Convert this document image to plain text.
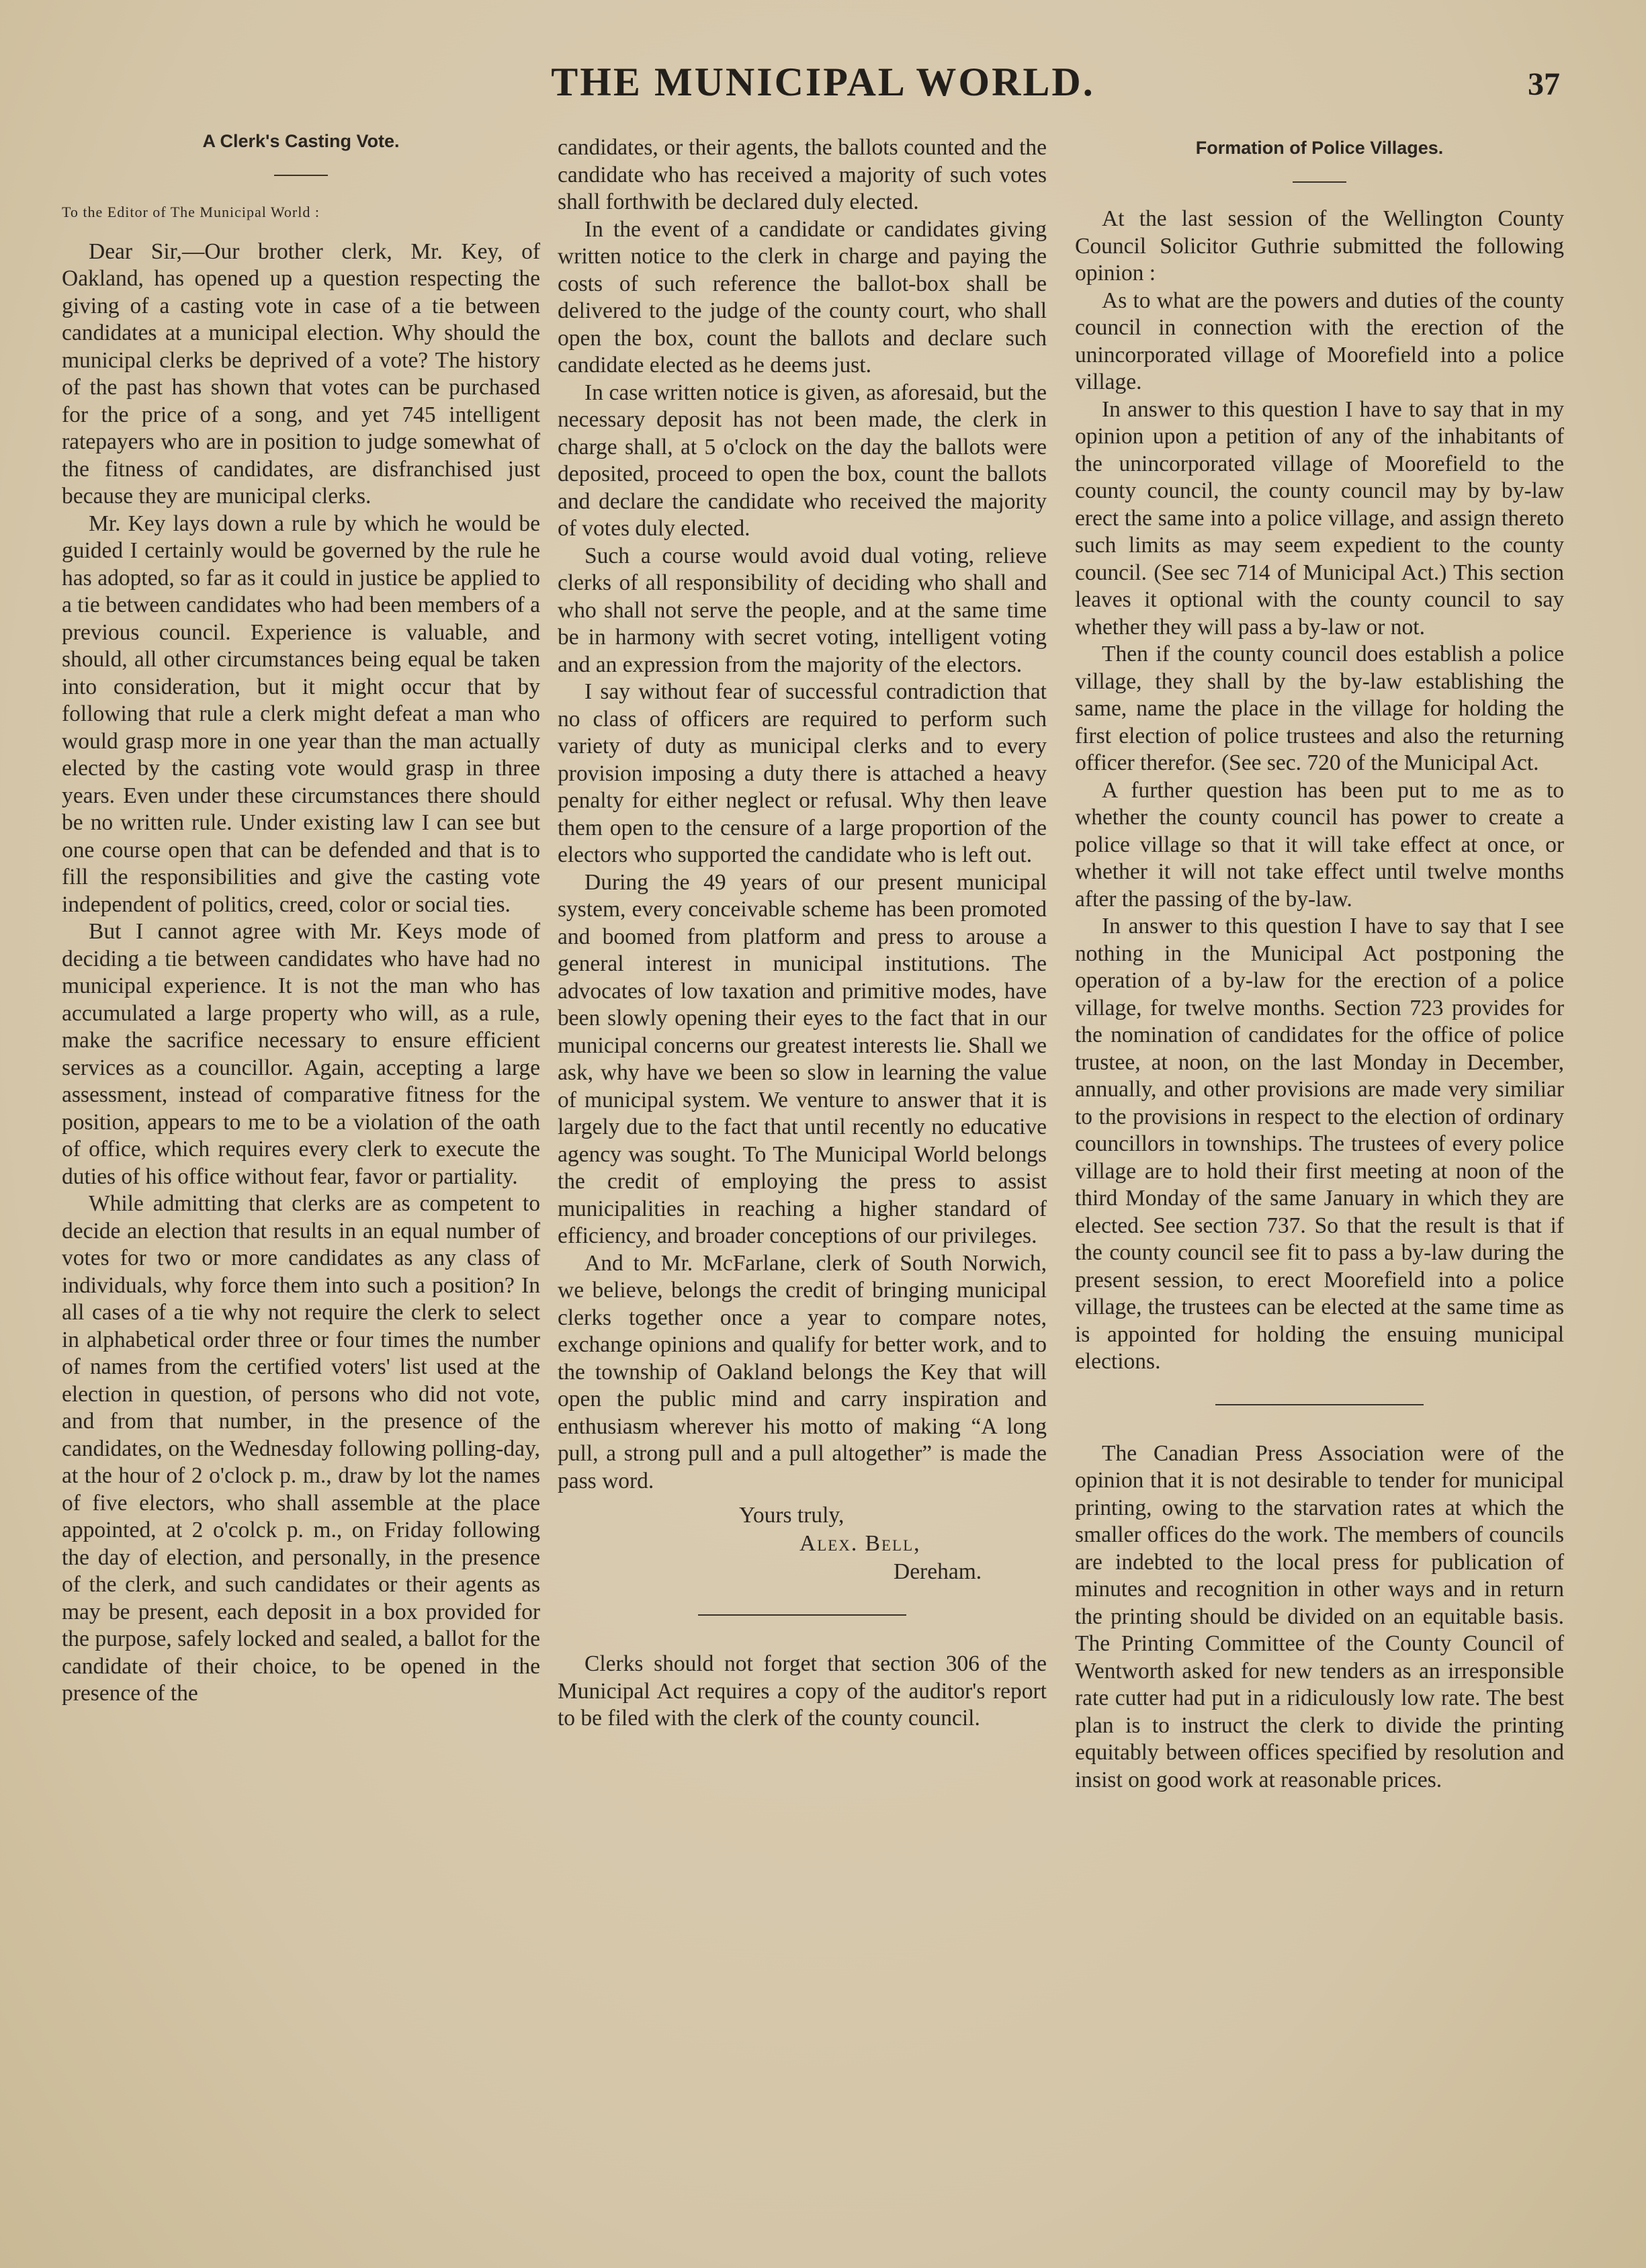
THE MUNICIPAL WORLD.	37
A Clerk's Casting Vote.
To the Editor of The Municipal World :

Dear Sir,—Our brother clerk, Mr. Key, of Oakland, has opened up a question respecting the giving of a casting vote in case of a tie between candidates at a municipal election. Why should the municipal clerks be deprived of a vote? The history of the past has shown that votes can be purchased for the price of a song, and yet 745 intelligent ratepayers who are in position to judge somewhat of the fitness of candidates, are disfranchised just because they are municipal clerks.

Mr. Key lays down a rule by which he would be guided I certainly would be governed by the rule he has adopted, so far as it could in justice be applied to a tie between candidates who had been members of a previous council. Experience is valuable, and should, all other circumstances being equal be taken into consideration, but it might occur that by following that rule a clerk might defeat a man who would grasp more in one year than the man actually elected by the casting vote would grasp in three years. Even under these circumstances there should be no written rule. Under existing law I can see but one course open that can be defended and that is to fill the responsibilities and give the casting vote independent of politics, creed, color or social ties.

But I cannot agree with Mr. Keys mode of deciding a tie between candidates who have had no municipal experience. It is not the man who has accumulated a large property who will, as a rule, make the sacrifice necessary to ensure efficient services as a councillor. Again, accepting a large assessment, instead of comparative fitness for the position, appears to me to be a violation of the oath of office, which requires every clerk to execute the duties of his office without fear, favor or partiality.

While admitting that clerks are as competent to decide an election that results in an equal number of votes for two or more candidates as any class of individuals, why force them into such a position? In all cases of a tie why not require the clerk to select in alphabetical order three or four times the number of names from the certified voters' list used at the election in question, of persons who did not vote, and from that number, in the presence of the candidates, on the Wednesday following polling-day, at the hour of 2 o'clock p. m., draw by lot the names of five electors, who shall assemble at the place appointed, at 2 o'colck p. m., on Friday following the day of election, and personally, in the presence of the clerk, and such candidates or their agents as may be present, each deposit in a box provided for the purpose, safely locked and sealed, a ballot for the candidate of their choice, to be opened in the presence of the

candidates, or their agents, the ballots counted and the candidate who has received a majority of such votes shall forthwith be declared duly elected.

In the event of a candidate or candidates giving written notice to the clerk in charge and paying the costs of such reference the ballot-box shall be delivered to the judge of the county court, who shall open the box, count the ballots and declare such candidate elected as he deems just.

In case written notice is given, as aforesaid, but the necessary deposit has not been made, the clerk in charge shall, at 5 o'clock on the day the ballots were deposited, proceed to open the box, count the ballots and declare the candidate who received the majority of votes duly elected.

Such a course would avoid dual voting, relieve clerks of all responsibility of deciding who shall and who shall not serve the people, and at the same time be in harmony with secret voting, intelligent voting and an expression from the majority of the electors.

I say without fear of successful contradiction that no class of officers are required to perform such variety of duty as municipal clerks and to every provision imposing a duty there is attached a heavy penalty for either neglect or refusal. Why then leave them open to the censure of a large proportion of the electors who supported the candidate who is left out.

During the 49 years of our present municipal system, every conceivable scheme has been promoted and boomed from platform and press to arouse a general interest in municipal institutions. The advocates of low taxation and primitive modes, have been slowly opening their eyes to the fact that in our municipal concerns our greatest interests lie. Shall we ask, why have we been so slow in learning the value of municipal system. We venture to answer that it is largely due to the fact that until recently no educative agency was sought. To The Municipal World belongs the credit of employing the press to assist municipalities in reaching a higher standard of efficiency, and broader conceptions of our privileges.

And to Mr. McFarlane, clerk of South Norwich, we believe, belongs the credit of bringing municipal clerks together once a year to compare notes, exchange opinions and qualify for better work, and to the township of Oakland belongs the Key that will open the public mind and carry inspiration and enthusiasm wherever his motto of making “A long pull, a strong pull and a pull altogether” is made the pass word.

Yours truly,
Alex. Bell,
Dereham.

Clerks should not forget that section 306 of the Municipal Act requires a copy of the auditor's report to be filed with the clerk of the county council.

Formation of Police Villages.

At the last session of the Wellington County Council Solicitor Guthrie submitted the following opinion :

As to what are the powers and duties of the county council in connection with the erection of the unincorporated village of Moorefield into a police village.

In answer to this question I have to say that in my opinion upon a petition of any of the inhabitants of the unincorporated village of Moorefield to the county council, the county council may by by-law erect the same into a police village, and assign thereto such limits as may seem expedient to the county council. (See sec 714 of Municipal Act.) This section leaves it optional with the county council to say whether they will pass a by-law or not.

Then if the county council does establish a police village, they shall by the by-law establishing the same, name the place in the village for holding the first election of police trustees and also the returning officer therefor. (See sec. 720 of the Municipal Act.

A further question has been put to me as to whether the county council has power to create a police village so that it will take effect at once, or whether it will not take effect until twelve months after the passing of the by-law.

In answer to this question I have to say that I see nothing in the Municipal Act postponing the operation of a by-law for the erection of a police village, for twelve months. Section 723 provides for the nomination of candidates for the office of police trustee, at noon, on the last Monday in December, annually, and other provisions are made very similiar to the provisions in respect to the election of ordinary councillors in townships. The trustees of every police village are to hold their first meeting at noon of the third Monday of the same January in which they are elected. See section 737. So that the result is that if the county council see fit to pass a by-law during the present session, to erect Moorefield into a police village, the trustees can be elected at the same time as is appointed for holding the ensuing municipal elections.

The Canadian Press Association were of the opinion that it is not desirable to tender for municipal printing, owing to the starvation rates at which the smaller offices do the work. The members of councils are indebted to the local press for publication of minutes and recognition in other ways and in return the printing should be divided on an equitable basis. The Printing Committee of the County Council of Wentworth asked for new tenders as an irresponsible rate cutter had put in a ridiculously low rate. The best plan is to instruct the clerk to divide the printing equitably between offices specified by resolution and insist on good work at reasonable prices.
